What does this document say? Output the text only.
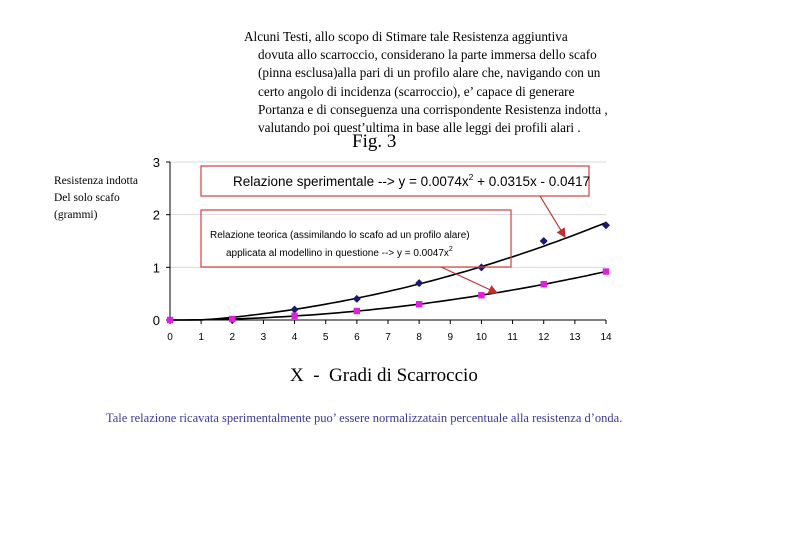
Alcuni Testi, allo scopo di Stimare tale Resistenza aggiuntiva
dovuta allo scarroccio, considerano la parte immersa dello scafo
(pinna esclusa)alla pari di un profilo alare che, navigando con un
certo angolo di incidenza (scarroccio), e’ capace di generare
Portanza e di conseguenza una corrispondente Resistenza indotta ,
valutando poi quest’ultima in base alle leggi dei profili alari .
Fig. 3
Resistenza indotta
Del solo scafo
(grammi)
0
1
2
3
0	1	2	3	4	5	6	7	8	9 10 11 12 13 14
Relazione sperimentale --> $y = 0.0074x^2 + 0.0315x - 0.0417$
Relazione teorica (assimilando lo scafo ad un profilo alare)
applicata al modellino in questione --> $y = 0.0047x^2$
X  -  Gradi di Scarroccio
Tale relazione ricavata sperimentalmente puo’ essere normalizzatain percentuale alla resistenza d’onda.
